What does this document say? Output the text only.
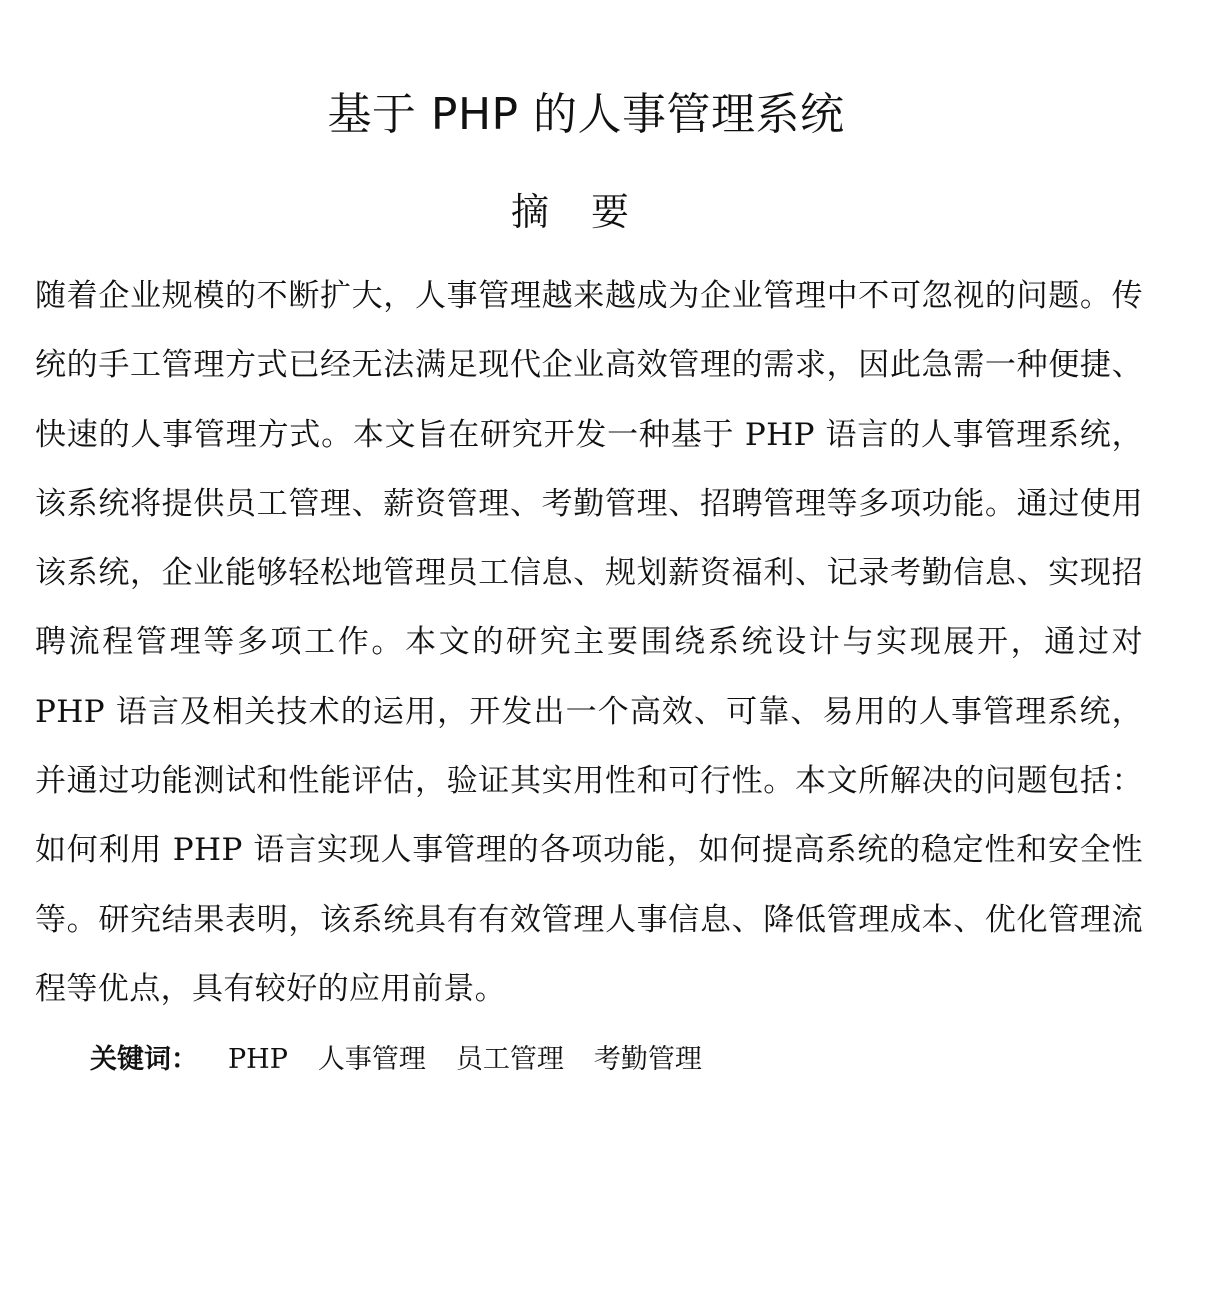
基于 PHP 的人事管理系统
摘要

随着企业规模的不断扩大，人事管理越来越成为企业管理中不可忽视的问题。传统的手工管理方式已经无法满足现代企业高效管理的需求，因此急需一种便捷、快速的人事管理方式。本文旨在研究开发一种基于 PHP 语言的人事管理系统，该系统将提供员工管理、薪资管理、考勤管理、招聘管理等多项功能。通过使用该系统，企业能够轻松地管理员工信息、规划薪资福利、记录考勤信息、实现招聘流程管理等多项工作。本文的研究主要围绕系统设计与实现展开，通过对 PHP 语言及相关技术的运用，开发出一个高效、可靠、易用的人事管理系统，并通过功能测试和性能评估，验证其实用性和可行性。本文所解决的问题包括：如何利用 PHP 语言实现人事管理的各项功能，如何提高系统的稳定性和安全性等。研究结果表明，该系统具有有效管理人事信息、降低管理成本、优化管理流程等优点，具有较好的应用前景。

关键词： PHP 人事管理 员工管理 考勤管理
